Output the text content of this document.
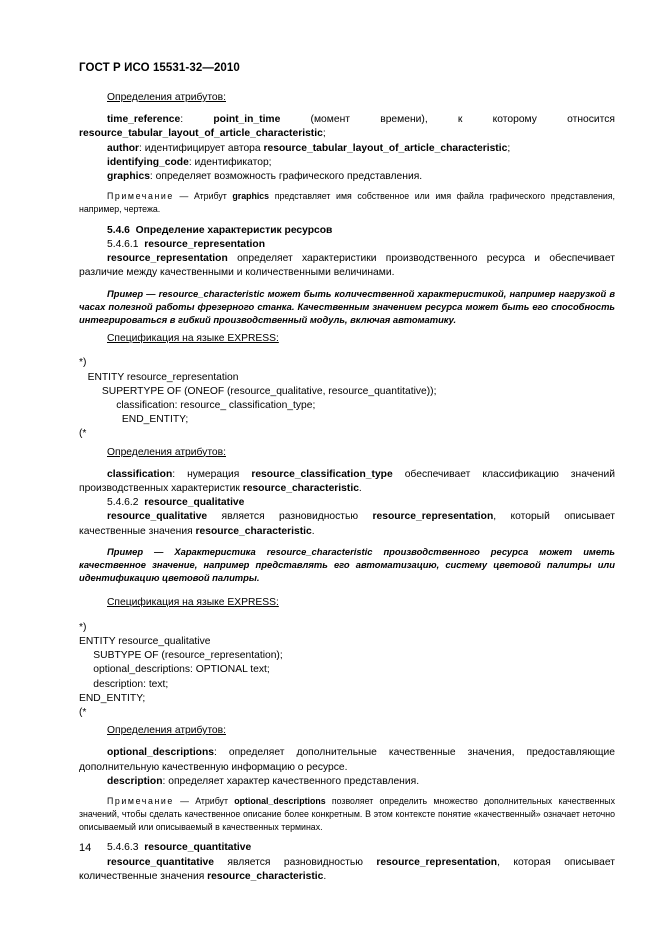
ГОСТ Р ИСО 15531-32—2010

Определения атрибутов:

time_reference: point_in_time (момент времени), к которому относится resource_tabular_layout_of_article_characteristic;

author: идентифицирует автора resource_tabular_layout_of_article_characteristic;

identifying_code: идентификатор;

graphics: определяет возможность графического представления.

Примечание — Атрибут graphics представляет имя собственное или имя файла графического представления, например, чертежа.

5.4.6 Определение характеристик ресурсов

5.4.6.1 resource_representation

resource_representation определяет характеристики производственного ресурса и обеспечивает различие между качественными и количественными величинами.

Пример — resource_characteristic может быть количественной характеристикой, например нагрузкой в часах полезной работы фрезерного станка. Качественным значением ресурса может быть его способность интегрироваться в гибкий производственный модуль, включая автоматику.

Спецификация на языке EXPRESS:

*)

ENTITY resource_representation

SUPERTYPE OF (ONEOF (resource_qualitative, resource_quantitative));

classification: resource_ classification_type;

END_ENTITY;

(*

Определения атрибутов:

classification: нумерация resource_classification_type обеспечивает классификацию значений производственных характеристик resource_characteristic.

5.4.6.2 resource_qualitative

resource_qualitative является разновидностью resource_representation, который описывает качественные значения resource_characteristic.

Пример — Характеристика resource_characteristic производственного ресурса может иметь качественное значение, например представлять его автоматизацию, систему цветовой палитры или идентификацию цветовой палитры.

Спецификация на языке EXPRESS:

*)

ENTITY resource_qualitative

SUBTYPE OF (resource_representation);

optional_descriptions: OPTIONAL text;

description: text;

END_ENTITY;

(*

Определения атрибутов:

optional_descriptions: определяет дополнительные качественные значения, предоставляющие дополнительную качественную информацию о ресурсе.

description: определяет характер качественного представления.

Примечание — Атрибут optional_descriptions позволяет определить множество дополнительных качественных значений, чтобы сделать качественное описание более конкретным. В этом контексте понятие «качественный» означает неточно описываемый или описываемый в качественных терминах.

5.4.6.3 resource_quantitative

resource_quantitative является разновидностью resource_representation, которая описывает количественные значения resource_characteristic.

14
